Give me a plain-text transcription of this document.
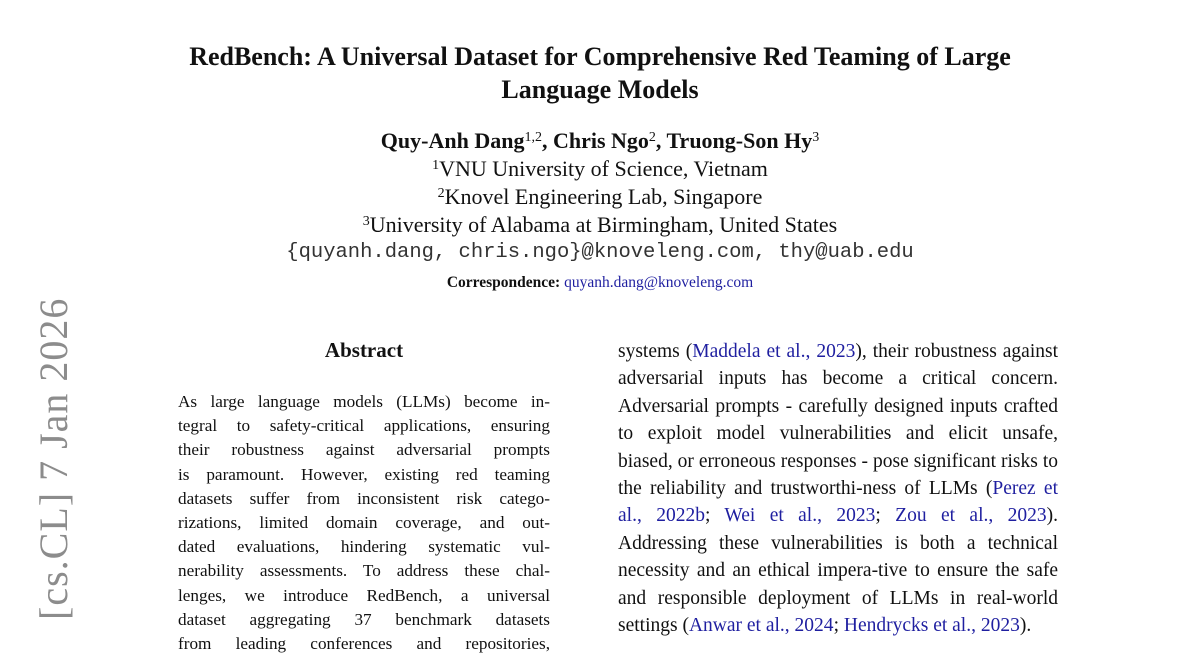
[cs.CL] 7 Jan 2026
RedBench: A Universal Dataset for Comprehensive Red Teaming of Large
Language Models
Quy-Anh Dang$^{1,2}$, Chris Ngo$^2$, Truong-Son Hy$^3$
$^1$VNU University of Science, Vietnam
$^2$Knovel Engineering Lab, Singapore
$^3$University of Alabama at Birmingham, United States
{quyanh.dang, chris.ngo}@knoveleng.com, thy@uab.edu
Correspondence: quyanh.dang@knoveleng.com
Abstract
As large language models (LLMs) become in-
tegral to safety-critical applications, ensuring
their robustness against adversarial prompts
is paramount. However, existing red teaming
datasets suffer from inconsistent risk catego-
rizations, limited domain coverage, and out-
dated evaluations, hindering systematic vul-
nerability assessments. To address these chal-
lenges, we introduce RedBench, a universal
dataset aggregating 37 benchmark datasets
from leading conferences and repositories,
systems (Maddela et al., 2023), their robustness against adversarial inputs has become a critical concern. Adversarial prompts - carefully designed inputs crafted to exploit model vulnerabilities and elicit unsafe, biased, or erroneous responses - pose significant risks to the reliability and trustworthi-ness of LLMs (Perez et al., 2022b; Wei et al., 2023; Zou et al., 2023). Addressing these vulnerabilities is both a technical necessity and an ethical impera-tive to ensure the safe and responsible deployment of LLMs in real-world settings (Anwar et al., 2024; Hendrycks et al., 2023).
